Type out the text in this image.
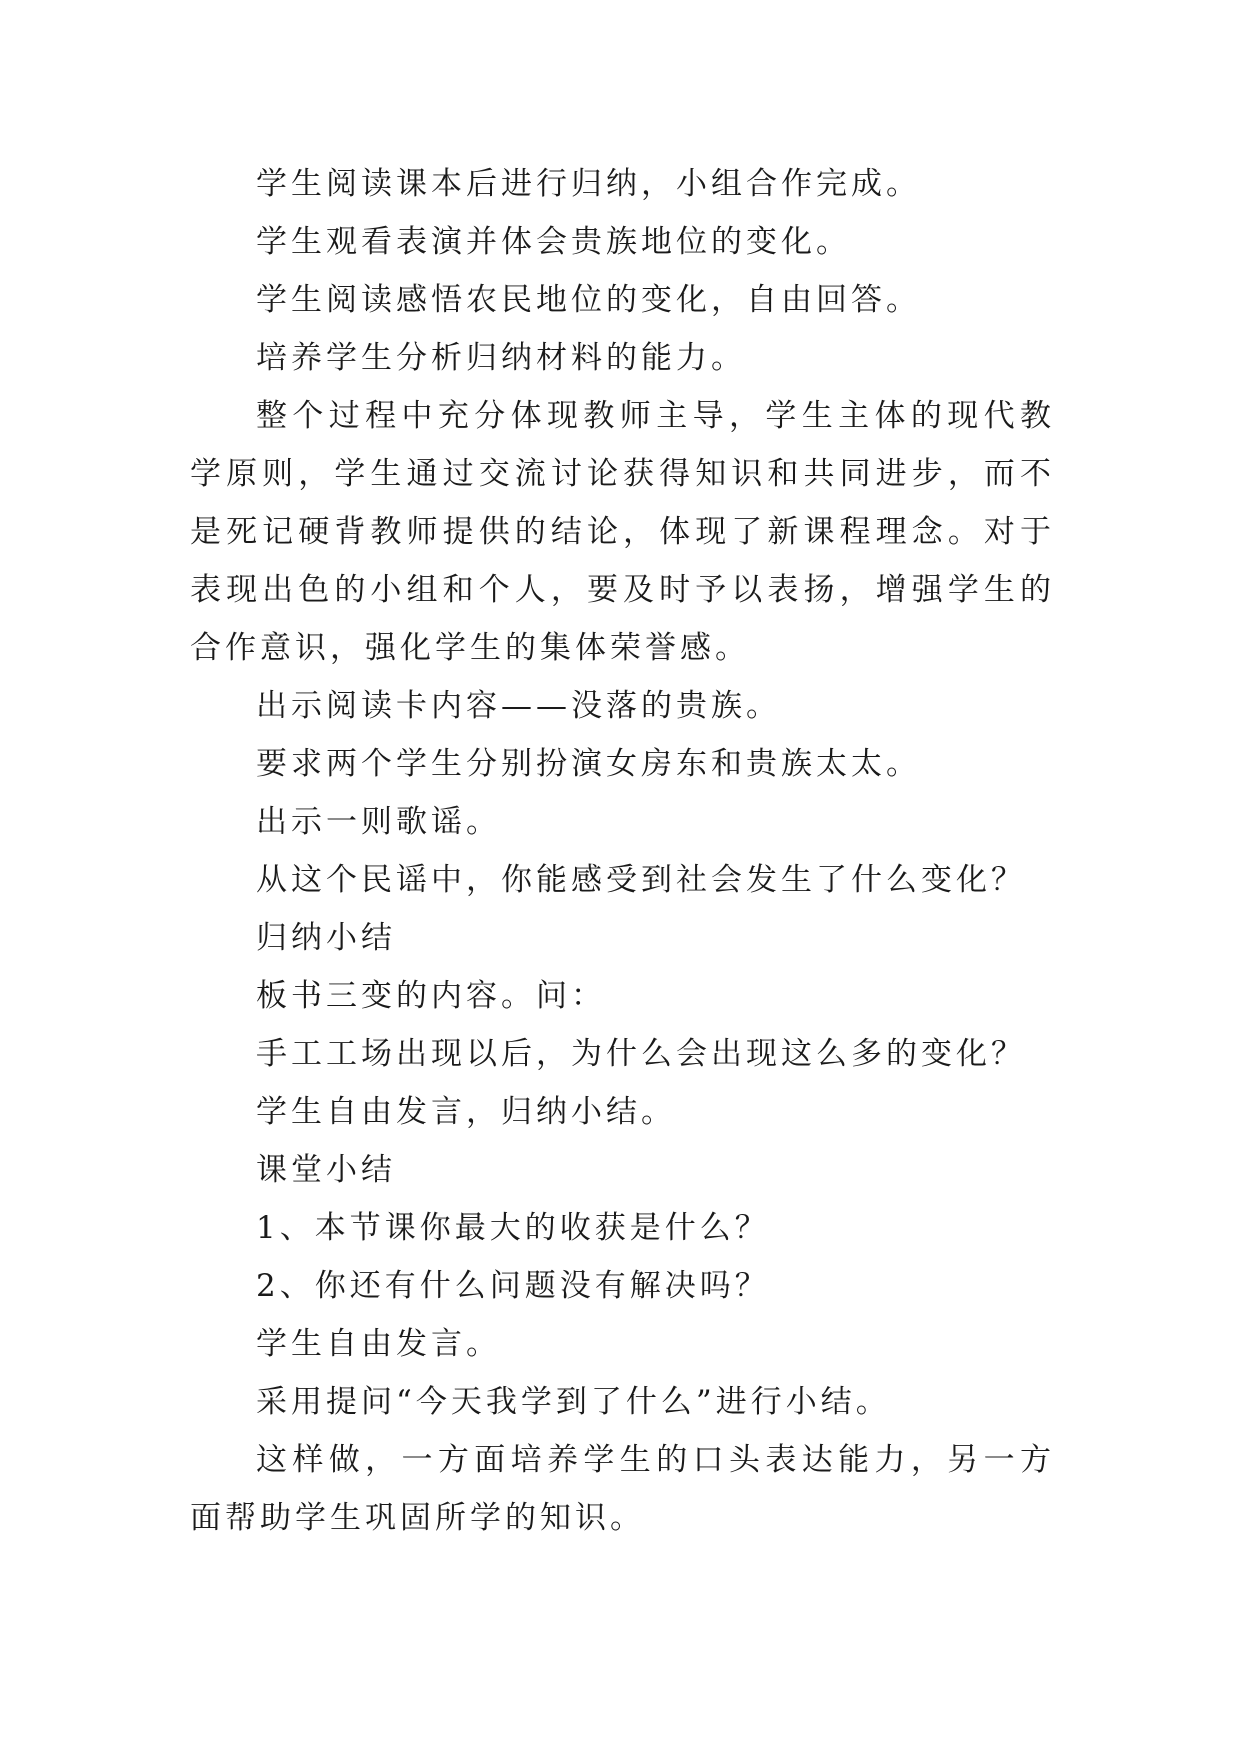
学生阅读课本后进行归纳，小组合作完成。

学生观看表演并体会贵族地位的变化。

学生阅读感悟农民地位的变化，自由回答。

培养学生分析归纳材料的能力。

整个过程中充分体现教师主导，学生主体的现代教学原则，学生通过交流讨论获得知识和共同进步，而不是死记硬背教师提供的结论，体现了新课程理念。对于表现出色的小组和个人，要及时予以表扬，增强学生的合作意识，强化学生的集体荣誉感。

出示阅读卡内容——没落的贵族。

要求两个学生分别扮演女房东和贵族太太。

出示一则歌谣。

从这个民谣中，你能感受到社会发生了什么变化？

归纳小结

板书三变的内容。问：

手工工场出现以后，为什么会出现这么多的变化？

学生自由发言，归纳小结。

课堂小结

1、本节课你最大的收获是什么？

2、你还有什么问题没有解决吗？

学生自由发言。

采用提问“今天我学到了什么”进行小结。

这样做，一方面培养学生的口头表达能力，另一方面帮助学生巩固所学的知识。
